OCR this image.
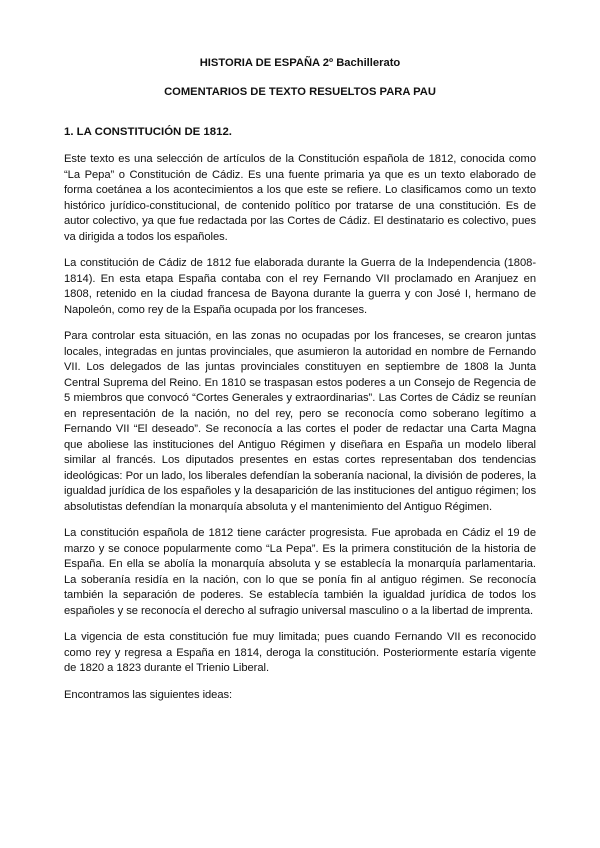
HISTORIA DE ESPAÑA 2º Bachillerato
COMENTARIOS DE TEXTO RESUELTOS PARA PAU
1. LA CONSTITUCIÓN DE 1812.

Este texto es una selección de artículos de la Constitución española de 1812, conocida como “La Pepa” o Constitución de Cádiz. Es una fuente primaria ya que es un texto elaborado de forma coetánea a los acontecimientos a los que este se refiere. Lo clasificamos como un texto histórico jurídico-constitucional, de contenido político por tratarse de una constitución. Es de autor colectivo, ya que fue redactada por las Cortes de Cádiz. El destinatario es colectivo, pues va dirigida a todos los españoles.

La constitución de Cádiz de 1812 fue elaborada durante la Guerra de la Independencia (1808-1814). En esta etapa España contaba con el rey Fernando VII proclamado en Aranjuez en 1808, retenido en la ciudad francesa de Bayona durante la guerra y con José I, hermano de Napoleón, como rey de la España ocupada por los franceses.

Para controlar esta situación, en las zonas no ocupadas por los franceses, se crearon juntas locales, integradas en juntas provinciales, que asumieron la autoridad en nombre de Fernando VII. Los delegados de las juntas provinciales constituyen en septiembre de 1808 la Junta Central Suprema del Reino. En 1810 se traspasan estos poderes a un Consejo de Regencia de 5 miembros que convocó “Cortes Generales y extraordinarias”. Las Cortes de Cádiz se reunían en representación de la nación, no del rey, pero se reconocía como soberano legítimo a Fernando VII “El deseado”. Se reconocía a las cortes el poder de redactar una Carta Magna que aboliese las instituciones del Antiguo Régimen y diseñara en España un modelo liberal similar al francés. Los diputados presentes en estas cortes representaban dos tendencias ideológicas: Por un lado, los liberales defendían la soberanía nacional, la división de poderes, la igualdad jurídica de los españoles y la desaparición de las instituciones del antiguo régimen; los absolutistas defendían la monarquía absoluta y el mantenimiento del Antiguo Régimen.

La constitución española de 1812 tiene carácter progresista. Fue aprobada en Cádiz el 19 de marzo y se conoce popularmente como “La Pepa”. Es la primera constitución de la historia de España. En ella se abolía la monarquía absoluta y se establecía la monarquía parlamentaria. La soberanía residía en la nación, con lo que se ponía fin al antiguo régimen. Se reconocía también la separación de poderes. Se establecía también la igualdad jurídica de todos los españoles y se reconocía el derecho al sufragio universal masculino o a la libertad de imprenta.

La vigencia de esta constitución fue muy limitada; pues cuando Fernando VII es reconocido como rey y regresa a España en 1814, deroga la constitución. Posteriormente estaría vigente de 1820 a 1823 durante el Trienio Liberal.

Encontramos las siguientes ideas:
